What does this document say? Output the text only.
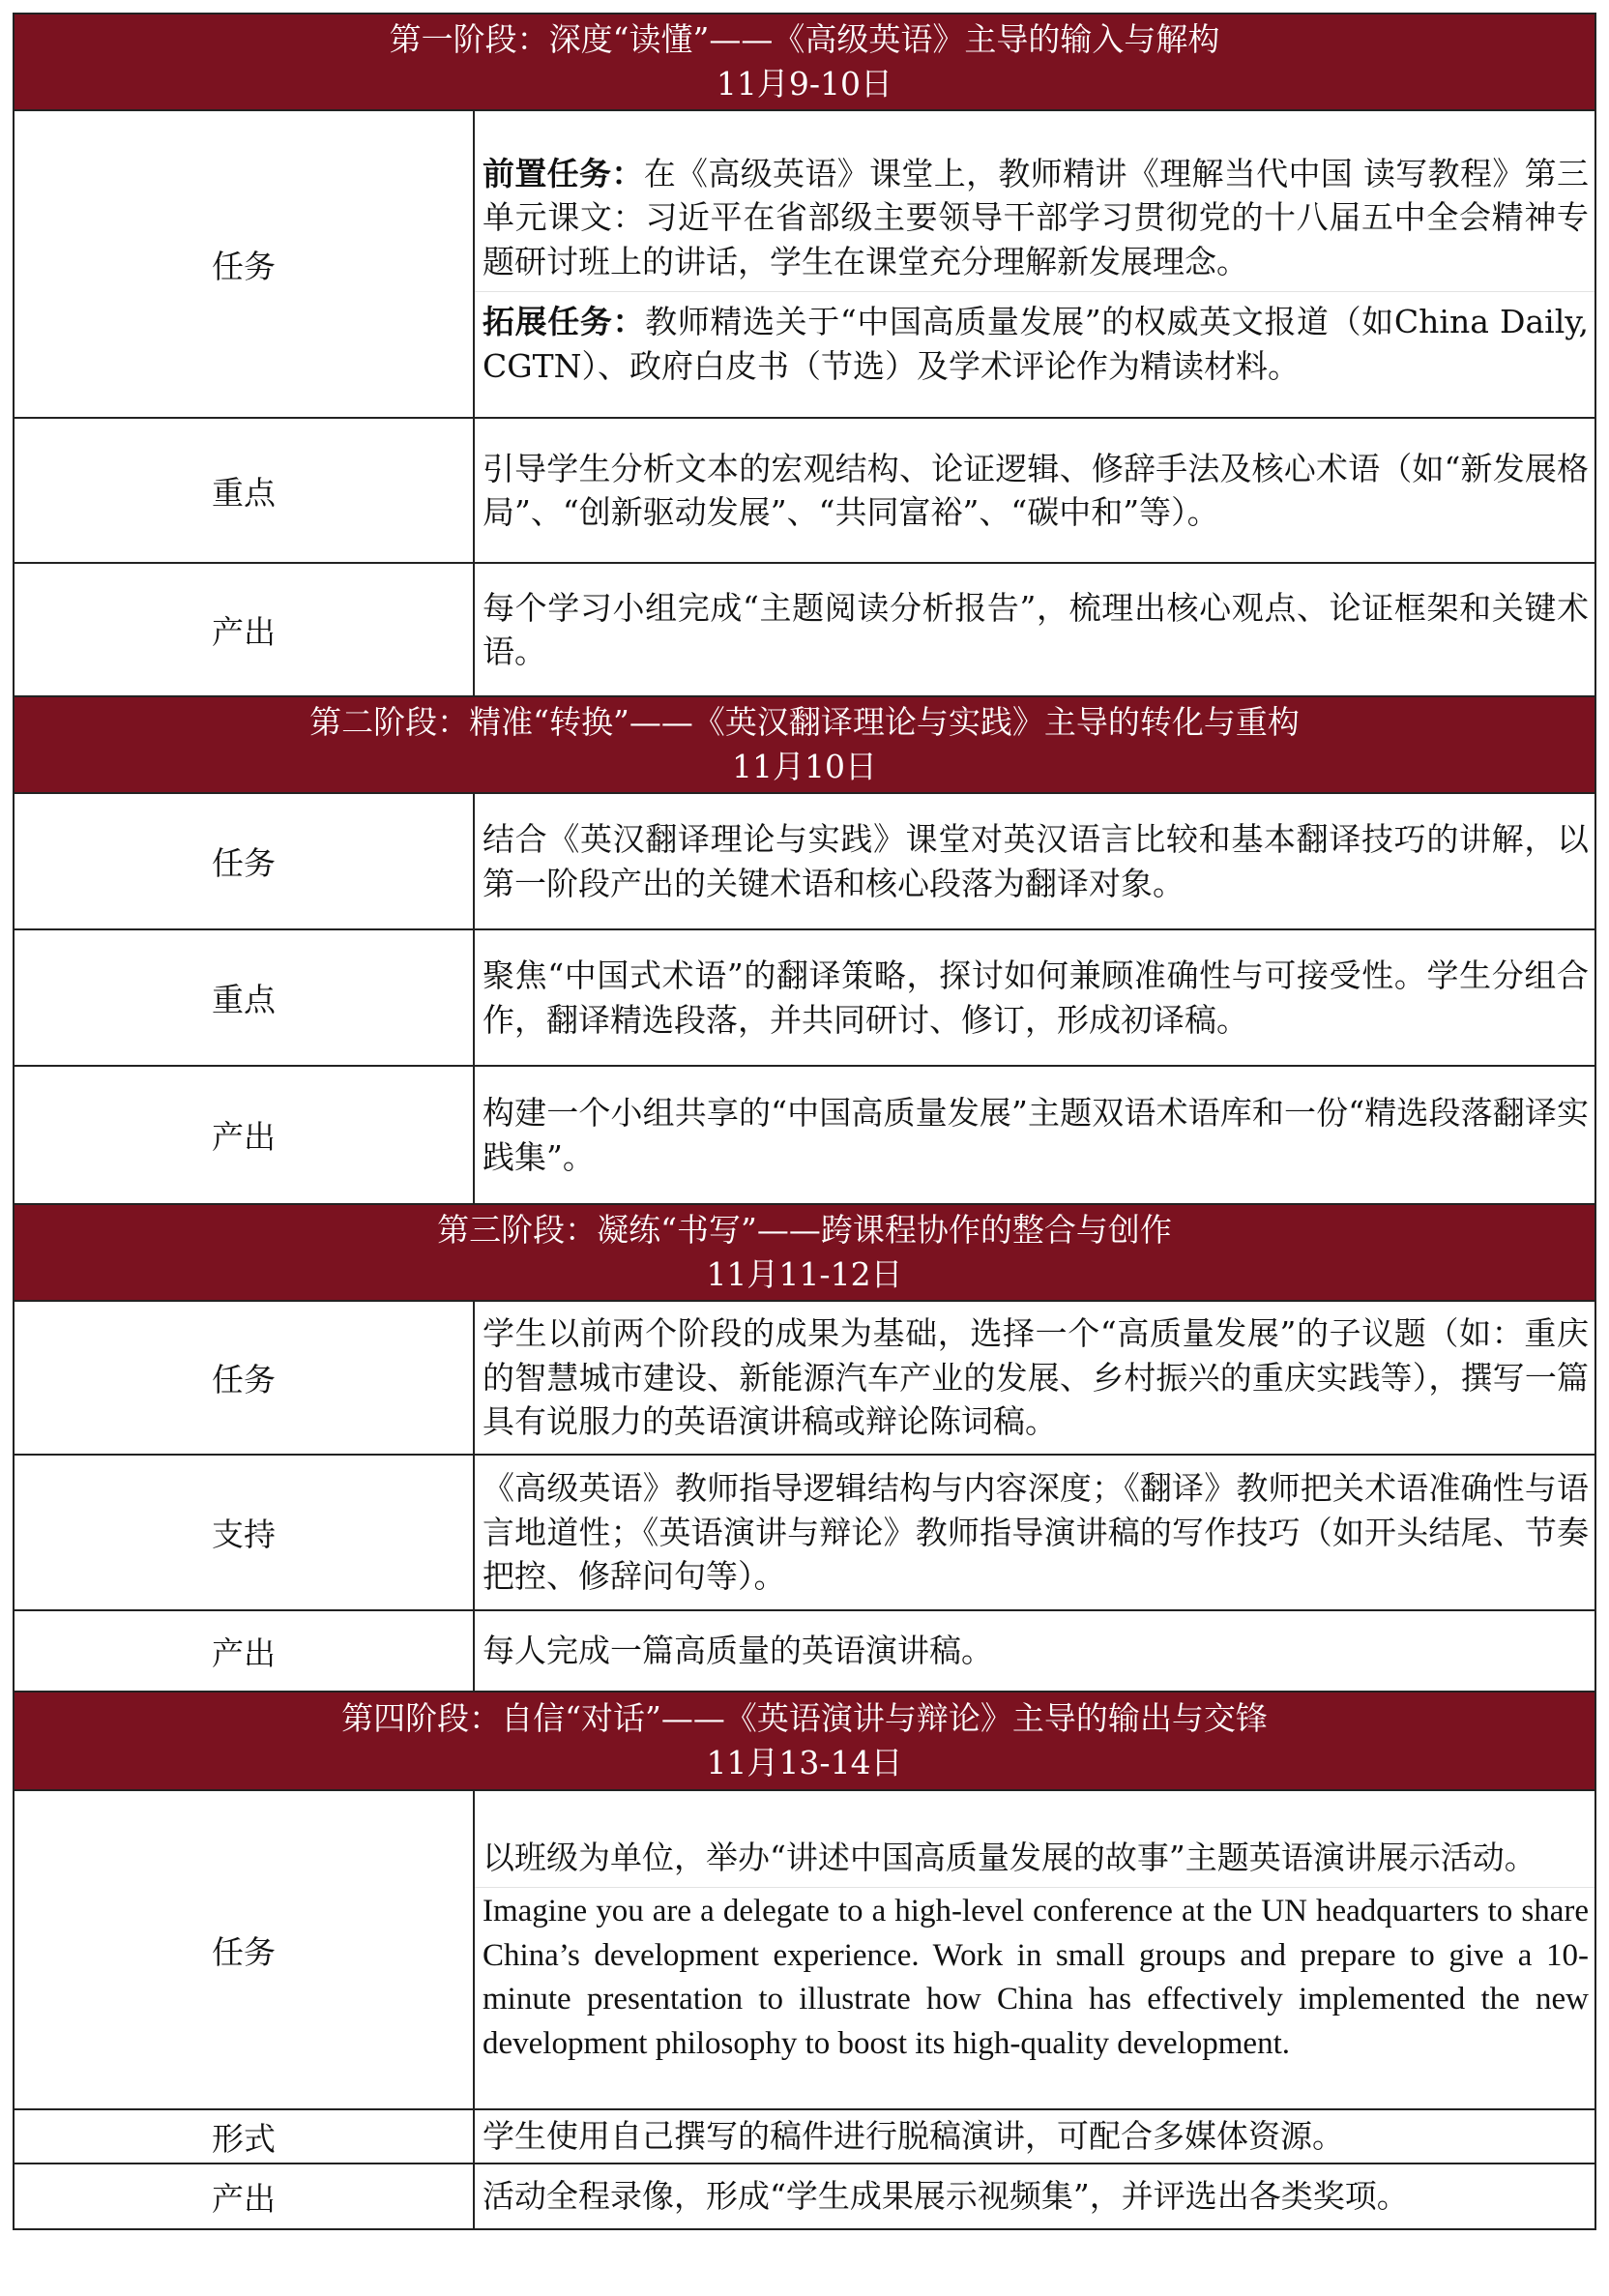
第一阶段：深度“读懂”——《高级英语》主导的输入与解构
11月9-10日	

任务	前置任务：在《高级英语》课堂上，教师精讲《理解当代中国 读写教程》第三单元课文：习近平在省部级主要领导干部学习贯彻党的十八届五中全会精神专题研讨班上的讲话，学生在课堂充分理解新发展理念。
拓展任务：教师精选关于“中国高质量发展”的权威英文报道（如China Daily, CGTN）、政府白皮书（节选）及学术评论作为精读材料。

重点	引导学生分析文本的宏观结构、论证逻辑、修辞手法及核心术语（如“新发展格局”、“创新驱动发展”、“共同富裕”、“碳中和”等）。

产出	每个学习小组完成“主题阅读分析报告”，梳理出核心观点、论证框架和关键术语。

第二阶段：精准“转换”——《英汉翻译理论与实践》主导的转化与重构
11月10日	

任务	结合《英汉翻译理论与实践》课堂对英汉语言比较和基本翻译技巧的讲解，以第一阶段产出的关键术语和核心段落为翻译对象。

重点	聚焦“中国式术语”的翻译策略，探讨如何兼顾准确性与可接受性。学生分组合作，翻译精选段落，并共同研讨、修订，形成初译稿。

产出	构建一个小组共享的“中国高质量发展”主题双语术语库和一份“精选段落翻译实践集”。

第三阶段：凝练“书写”——跨课程协作的整合与创作
11月11-12日	

任务	学生以前两个阶段的成果为基础，选择一个“高质量发展”的子议题（如：重庆的智慧城市建设、新能源汽车产业的发展、乡村振兴的重庆实践等），撰写一篇具有说服力的英语演讲稿或辩论陈词稿。

支持	《高级英语》教师指导逻辑结构与内容深度；《翻译》教师把关术语准确性与语言地道性；《英语演讲与辩论》教师指导演讲稿的写作技巧（如开头结尾、节奏把控、修辞问句等）。

产出	每人完成一篇高质量的英语演讲稿。

第四阶段：自信“对话”——《英语演讲与辩论》主导的输出与交锋
11月13-14日	

任务	以班级为单位，举办“讲述中国高质量发展的故事”主题英语演讲展示活动。
Imagine you are a delegate to a high-level conference at the UN headquarters to share China’s development experience. Work in small groups and prepare to give a 10-minute presentation to illustrate how China has effectively implemented the new development philosophy to boost its high-quality development.

形式	学生使用自己撰写的稿件进行脱稿演讲，可配合多媒体资源。

产出	活动全程录像，形成“学生成果展示视频集”，并评选出各类奖项。
